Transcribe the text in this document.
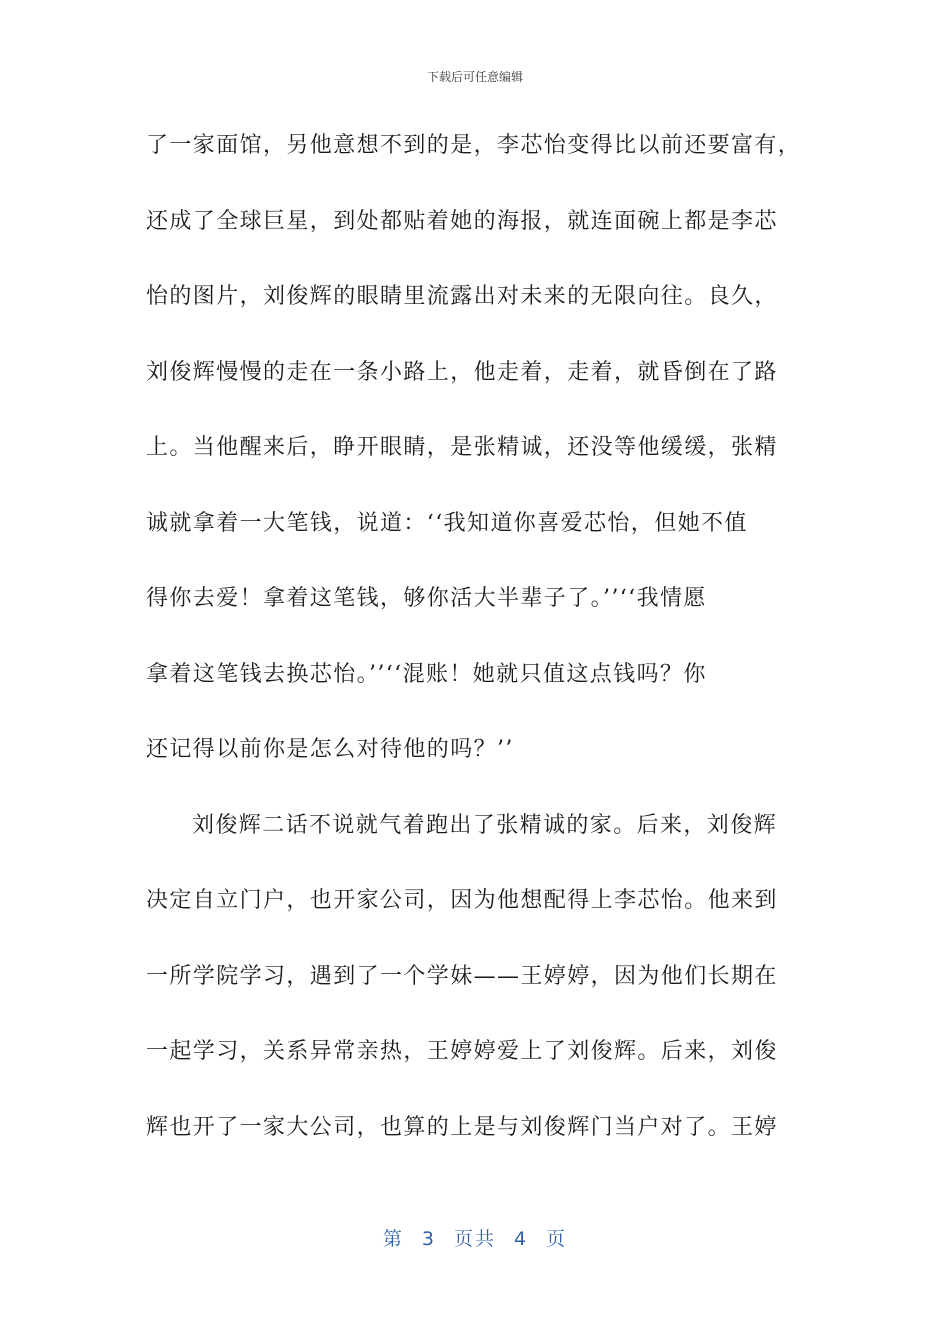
下载后可任意编辑
了一家面馆，另他意想不到的是，李芯怡变得比以前还要富有，
还成了全球巨星，到处都贴着她的海报，就连面碗上都是李芯
怡的图片，刘俊辉的眼睛里流露出对未来的无限向往。良久，
刘俊辉慢慢的走在一条小路上，他走着，走着，就昏倒在了路
上。当他醒来后，睁开眼睛，是张精诚，还没等他缓缓，张精
诚就拿着一大笔钱，说道：‘‘我知道你喜爱芯怡，但她不值
得你去爱！拿着这笔钱，够你活大半辈子了。’’‘‘我情愿
拿着这笔钱去换芯怡。’’‘‘混账！她就只值这点钱吗？你
还记得以前你是怎么对待他的吗？’’
刘俊辉二话不说就气着跑出了张精诚的家。后来，刘俊辉
决定自立门户，也开家公司，因为他想配得上李芯怡。他来到
一所学院学习，遇到了一个学妹——王婷婷，因为他们长期在
一起学习，关系异常亲热，王婷婷爱上了刘俊辉。后来，刘俊
辉也开了一家大公司，也算的上是与刘俊辉门当户对了。王婷
第 3 页共 4 页
